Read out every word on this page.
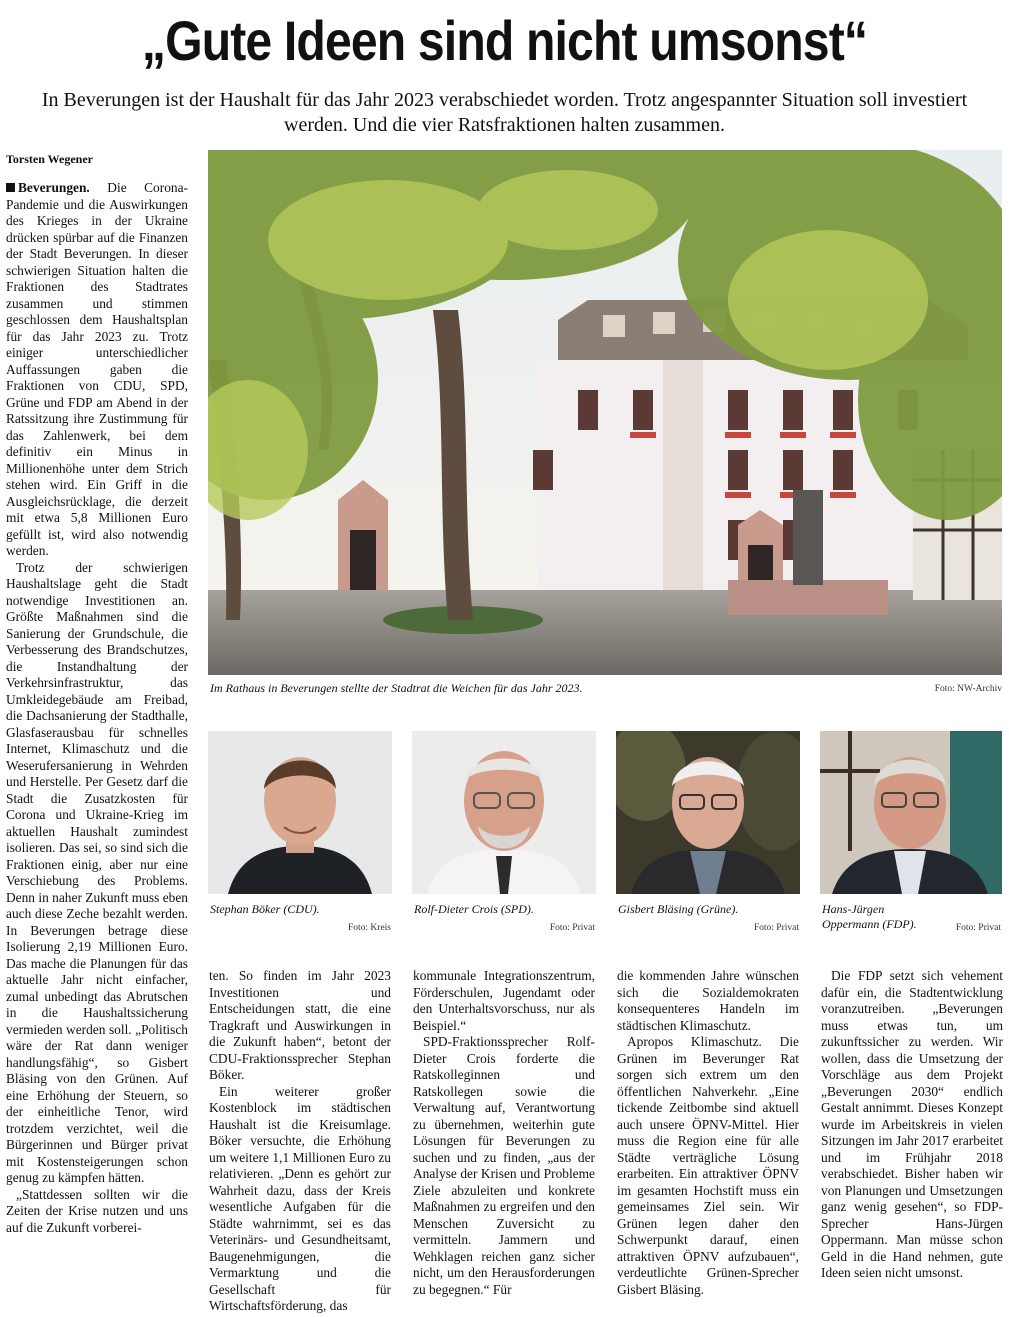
„Gute Ideen sind nicht umsonst“
In Beverungen ist der Haushalt für das Jahr 2023 verabschiedet worden. Trotz angespannter Situation soll investiert werden. Und die vier Ratsfraktionen halten zusammen.
Torsten Wegener

Beverungen. Die Corona-Pandemie und die Auswirkungen des Krieges in der Ukraine drücken spürbar auf die Finanzen der Stadt Beverungen. In dieser schwierigen Situation halten die Fraktionen des Stadtrates zusammen und stimmen geschlossen dem Haushaltsplan für das Jahr 2023 zu. Trotz einiger unterschiedlicher Auffassungen gaben die Fraktionen von CDU, SPD, Grüne und FDP am Abend in der Ratssitzung ihre Zustimmung für das Zahlenwerk, bei dem definitiv ein Minus in Millionenhöhe unter dem Strich stehen wird. Ein Griff in die Ausgleichsrücklage, die derzeit mit etwa 5,8 Millionen Euro gefüllt ist, wird also notwendig werden.

Trotz der schwierigen Haushaltslage geht die Stadt notwendige Investitionen an. Größte Maßnahmen sind die Sanierung der Grundschule, die Verbesserung des Brandschutzes, die Instandhaltung der Verkehrsinfrastruktur, das Umkleidegebäude am Freibad, die Dachsanierung der Stadthalle, Glasfaserausbau für schnelles Internet, Klimaschutz und die Weserufersanierung in Wehrden und Herstelle. Per Gesetz darf die Stadt die Zusatzkosten für Corona und Ukraine-Krieg im aktuellen Haushalt zumindest isolieren. Das sei, so sind sich die Fraktionen einig, aber nur eine Verschiebung des Problems. Denn in naher Zukunft muss eben auch diese Zeche bezahlt werden. In Beverungen betrage diese Isolierung 2,19 Millionen Euro. Das mache die Planungen für das aktuelle Jahr nicht einfacher, zumal unbedingt das Abrutschen in die Haushaltssicherung vermieden werden soll. „Politisch wäre der Rat dann weniger handlungsfähig“, so Gisbert Bläsing von den Grünen. Auf eine Erhöhung der Steuern, so der einheitliche Tenor, wird trotzdem verzichtet, weil die Bürgerinnen und Bürger privat mit Kostensteigerungen schon genug zu kämpfen hätten.

„Stattdessen sollten wir die Zeiten der Krise nutzen und uns auf die Zukunft vorberei-

Im Rathaus in Beverungen stellte der Stadtrat die Weichen für das Jahr 2023.	Foto: NW-Archiv
Stephan Böker (CDU).
Foto: Kreis
Rolf-Dieter Crois (SPD).
Foto: Privat
Gisbert Bläsing (Grüne).
Foto: Privat
Hans-Jürgen Oppermann (FDP).	Foto: Privat

ten. So finden im Jahr 2023 Investitionen und Entscheidungen statt, die eine Tragkraft und Auswirkungen in die Zukunft haben“, betont der CDU-Fraktionssprecher Stephan Böker.

Ein weiterer großer Kostenblock im städtischen Haushalt ist die Kreisumlage. Böker versuchte, die Erhöhung um weitere 1,1 Millionen Euro zu relativieren. „Denn es gehört zur Wahrheit dazu, dass der Kreis wesentliche Aufgaben für die Städte wahrnimmt, sei es das Veterinärs- und Gesundheitsamt, Baugenehmigungen, die Vermarktung und die Gesellschaft für Wirtschaftsförderung, das

kommunale Integrationszentrum, Förderschulen, Jugendamt oder den Unterhaltsvorschuss, nur als Beispiel.“

SPD-Fraktionssprecher Rolf-Dieter Crois forderte die Ratskolleginnen und Ratskollegen sowie die Verwaltung auf, Verantwortung zu übernehmen, weiterhin gute Lösungen für Beverungen zu suchen und zu finden, „aus der Analyse der Krisen und Probleme Ziele abzuleiten und konkrete Maßnahmen zu ergreifen und den Menschen Zuversicht zu vermitteln. Jammern und Wehklagen reichen ganz sicher nicht, um den Herausforderungen zu begegnen.“ Für

die kommenden Jahre wünschen sich die Sozialdemokraten konsequenteres Handeln im städtischen Klimaschutz.

Apropos Klimaschutz. Die Grünen im Beverunger Rat sorgen sich extrem um den öffentlichen Nahverkehr. „Eine tickende Zeitbombe sind aktuell auch unsere ÖPNV-Mittel. Hier muss die Region eine für alle Städte verträgliche Lösung erarbeiten. Ein attraktiver ÖPNV im gesamten Hochstift muss ein gemeinsames Ziel sein. Wir Grünen legen daher den Schwerpunkt darauf, einen attraktiven ÖPNV aufzubauen“, verdeutlichte Grünen-Sprecher Gisbert Bläsing.

Die FDP setzt sich vehement dafür ein, die Stadtentwicklung voranzutreiben. „Beverungen muss etwas tun, um zukunftssicher zu werden. Wir wollen, dass die Umsetzung der Vorschläge aus dem Projekt „Beverungen 2030“ endlich Gestalt annimmt. Dieses Konzept wurde im Arbeitskreis in vielen Sitzungen im Jahr 2017 erarbeitet und im Frühjahr 2018 verabschiedet. Bisher haben wir von Planungen und Umsetzungen ganz wenig gesehen“, so FDP-Sprecher Hans-Jürgen Oppermann. Man müsse schon Geld in die Hand nehmen, gute Ideen seien nicht umsonst.
